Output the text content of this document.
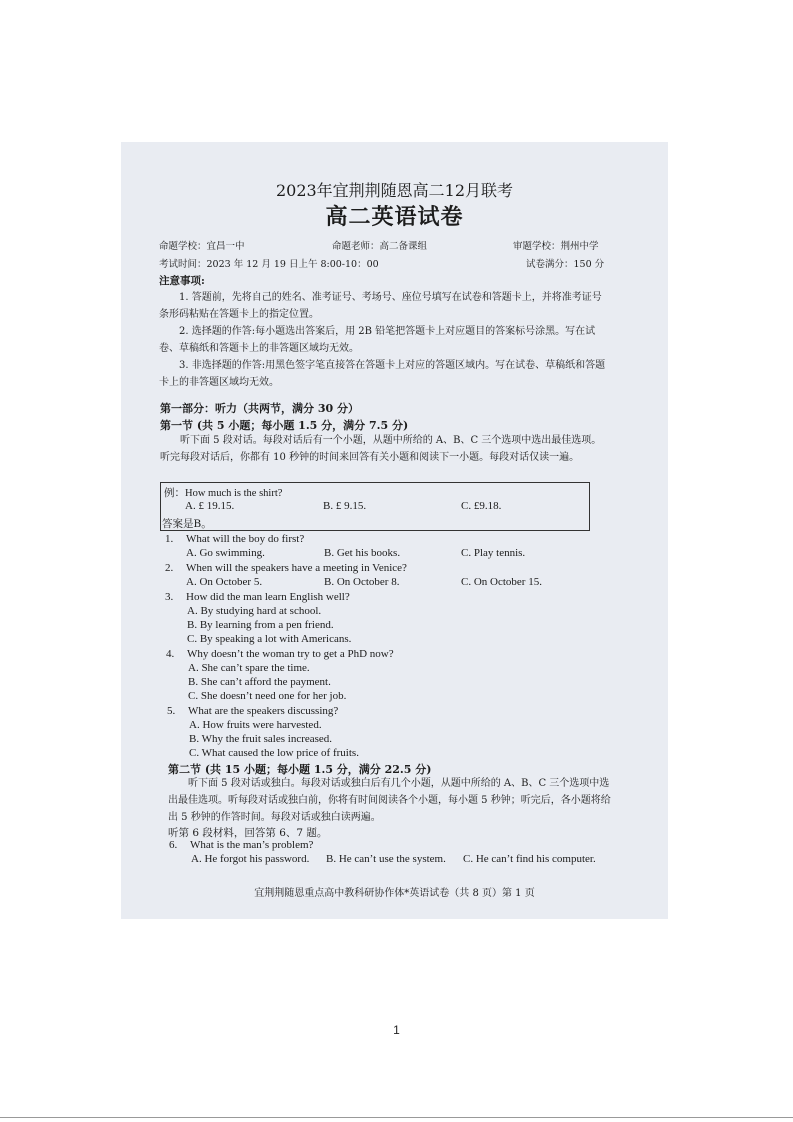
2023年宜荆荆随恩高二12月联考
高二英语试卷
命题学校：宜昌一中	命题老师：高二备课组	审题学校：荆州中学
考试时间：2023 年 12 月 19 日上午 8:00-10：00	试卷满分：150 分
注意事项:
1. 答题前，先将自己的姓名、准考证号、考场号、座位号填写在试卷和答题卡上，并将准考证号条形码粘贴在答题卡上的指定位置。
2. 选择题的作答:每小题选出答案后，用 2B 铅笔把答题卡上对应题目的答案标号涂黑。写在试卷、草稿纸和答题卡上的非答题区域均无效。
3. 非选择题的作答:用黑色签字笔直接答在答题卡上对应的答题区域内。写在试卷、草稿纸和答题卡上的非答题区域均无效。
第一部分：听力（共两节，满分 30 分）
第一节 (共 5 小题；每小题 1.5 分，满分 7.5 分)
听下面 5 段对话。每段对话后有一个小题，从题中所给的 A、B、C 三个选项中选出最佳选项。听完每段对话后，你都有 10 秒钟的时间来回答有关小题和阅读下一小题。每段对话仅读一遍。
例：How much is the shirt?
A. £ 19.15.	B. £ 9.15.	C. £9.18.
答案是B。
1. What will the boy do first?
A. Go swimming.	B. Get his books.	C. Play tennis.
2. When will the speakers have a meeting in Venice?
A. On October 5.	B. On October 8.	C. On October 15.
3. How did the man learn English well?
A. By studying hard at school.
B. By learning from a pen friend.
C. By speaking a lot with Americans.
4. Why doesn’t the woman try to get a PhD now?
A. She can’t spare the time.
B. She can’t afford the payment.
C. She doesn’t need one for her job.
5. What are the speakers discussing?
A. How fruits were harvested.
B. Why the fruit sales increased.
C. What caused the low price of fruits.
第二节 (共 15 小题；每小题 1.5 分，满分 22.5 分)
听下面 5 段对话或独白。每段对话或独白后有几个小题，从题中所给的 A、B、C 三个选项中选出最佳选项。听每段对话或独白前，你将有时间阅读各个小题，每小题 5 秒钟；听完后，各小题将给出 5 秒钟的作答时间。每段对话或独白读两遍。
听第 6 段材料，回答第 6、7 题。
6. What is the man’s problem?
A. He forgot his password. B. He can’t use the system. C. He can’t find his computer.
宜荆荆随恩重点高中教科研协作体*英语试卷（共 8 页）第 1 页
1
